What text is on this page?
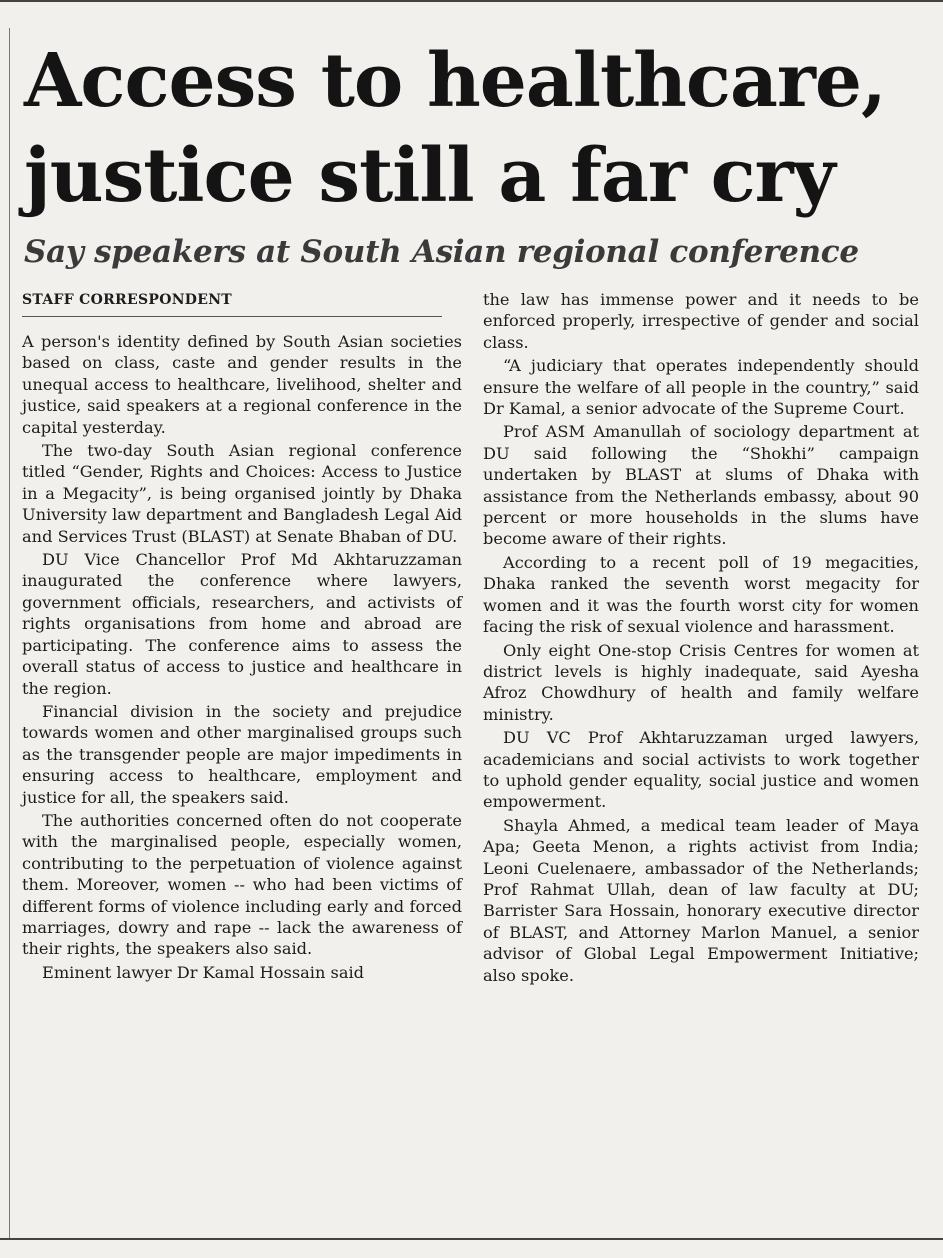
Access to healthcare, justice still a far cry
Say speakers at South Asian regional conference
STAFF CORRESPONDENT

A person's identity defined by South Asian societies based on class, caste and gender results in the unequal access to healthcare, livelihood, shelter and justice, said speakers at a regional conference in the capital yesterday.

The two-day South Asian regional conference titled “Gender, Rights and Choices: Access to Justice in a Megacity”, is being organised jointly by Dhaka University law department and Bangladesh Legal Aid and Services Trust (BLAST) at Senate Bhaban of DU.

DU Vice Chancellor Prof Md Akhtaruzzaman inaugurated the conference where lawyers, government officials, researchers, and activists of rights organisations from home and abroad are participating. The conference aims to assess the overall status of access to justice and healthcare in the region.

Financial division in the society and prejudice towards women and other marginalised groups such as the transgender people are major impediments in ensuring access to healthcare, employment and justice for all, the speakers said.

The authorities concerned often do not cooperate with the marginalised people, especially women, contributing to the perpetuation of violence against them. Moreover, women -- who had been victims of different forms of violence including early and forced marriages, dowry and rape -- lack the awareness of their rights, the speakers also said.

Eminent lawyer Dr Kamal Hossain said

the law has immense power and it needs to be enforced properly, irrespective of gender and social class.

“A judiciary that operates independently should ensure the welfare of all people in the country,” said Dr Kamal, a senior advocate of the Supreme Court.

Prof ASM Amanullah of sociology department at DU said following the “Shokhi” campaign undertaken by BLAST at slums of Dhaka with assistance from the Netherlands embassy, about 90 percent or more households in the slums have become aware of their rights.

According to a recent poll of 19 megacities, Dhaka ranked the seventh worst megacity for women and it was the fourth worst city for women facing the risk of sexual violence and harassment.

Only eight One-stop Crisis Centres for women at district levels is highly inadequate, said Ayesha Afroz Chowdhury of health and family welfare ministry.

DU VC Prof Akhtaruzzaman urged lawyers, academicians and social activists to work together to uphold gender equality, social justice and women empowerment.

Shayla Ahmed, a medical team leader of Maya Apa; Geeta Menon, a rights activist from India; Leoni Cuelenaere, ambassador of the Netherlands; Prof Rahmat Ullah, dean of law faculty at DU; Barrister Sara Hossain, honorary executive director of BLAST, and Attorney Marlon Manuel, a senior advisor of Global Legal Empowerment Initiative; also spoke.
